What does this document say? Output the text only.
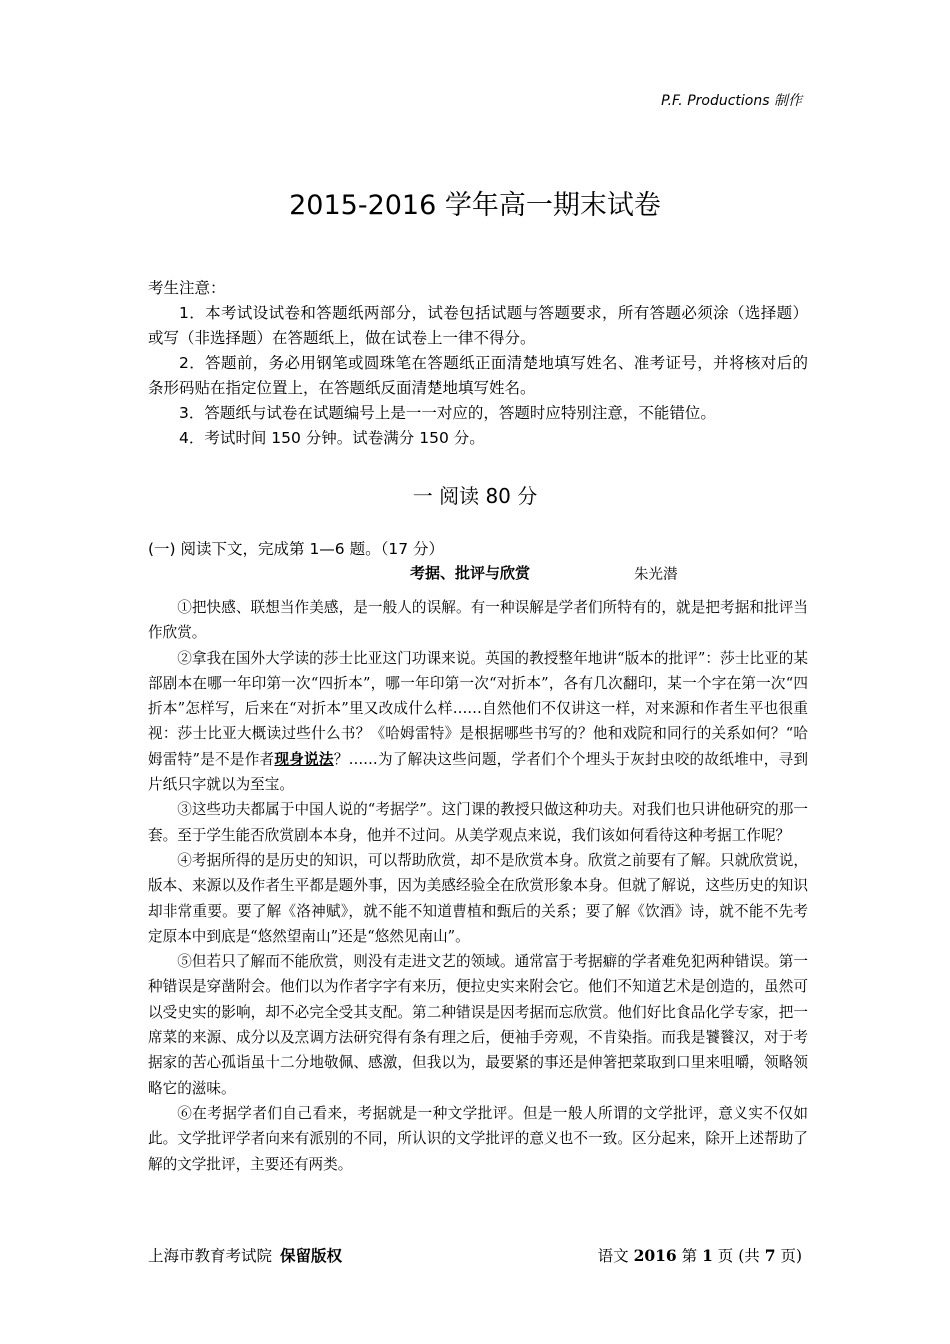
P.F. Productions 制作
2015-2016 学年高一期末试卷

考生注意：

1．本考试设试卷和答题纸两部分，试卷包括试题与答题要求，所有答题必须涂（选择题）或写（非选择题）在答题纸上，做在试卷上一律不得分。

2．答题前，务必用钢笔或圆珠笔在答题纸正面清楚地填写姓名、准考证号，并将核对后的条形码贴在指定位置上，在答题纸反面清楚地填写姓名。

3．答题纸与试卷在试题编号上是一一对应的，答题时应特别注意，不能错位。

4．考试时间 150 分钟。试卷满分 150 分。

一 阅读 80 分
(一) 阅读下文，完成第 1—6 题。（17 分）
考据、批评与欣赏	朱光潜

①把快感、联想当作美感，是一般人的误解。有一种误解是学者们所特有的，就是把考据和批评当作欣赏。

②拿我在国外大学读的莎士比亚这门功课来说。英国的教授整年地讲“版本的批评”：莎士比亚的某部剧本在哪一年印第一次“四折本”，哪一年印第一次“对折本”，各有几次翻印，某一个字在第一次“四折本”怎样写，后来在“对折本”里又改成什么样……自然他们不仅讲这一样，对来源和作者生平也很重视：莎士比亚大概读过些什么书？《哈姆雷特》是根据哪些书写的？他和戏院和同行的关系如何？“哈姆雷特”是不是作者现身说法？……为了解决这些问题，学者们个个埋头于灰封虫咬的故纸堆中，寻到片纸只字就以为至宝。

③这些功夫都属于中国人说的“考据学”。这门课的教授只做这种功夫。对我们也只讲他研究的那一套。至于学生能否欣赏剧本本身，他并不过问。从美学观点来说，我们该如何看待这种考据工作呢？

④考据所得的是历史的知识，可以帮助欣赏，却不是欣赏本身。欣赏之前要有了解。只就欣赏说，版本、来源以及作者生平都是题外事，因为美感经验全在欣赏形象本身。但就了解说，这些历史的知识却非常重要。要了解《洛神赋》，就不能不知道曹植和甄后的关系；要了解《饮酒》诗，就不能不先考定原本中到底是“悠然望南山”还是“悠然见南山”。

⑤但若只了解而不能欣赏，则没有走进文艺的领域。通常富于考据癖的学者难免犯两种错误。第一种错误是穿凿附会。他们以为作者字字有来历，便拉史实来附会它。他们不知道艺术是创造的，虽然可以受史实的影响，却不必完全受其支配。第二种错误是因考据而忘欣赏。他们好比食品化学专家，把一席菜的来源、成分以及烹调方法研究得有条有理之后，便袖手旁观，不肯染指。而我是饕餮汉，对于考据家的苦心孤诣虽十二分地敬佩、感激，但我以为，最要紧的事还是伸箸把菜取到口里来咀嚼，领略领略它的滋味。

⑥在考据学者们自己看来，考据就是一种文学批评。但是一般人所谓的文学批评，意义实不仅如此。文学批评学者向来有派别的不同，所认识的文学批评的意义也不一致。区分起来，除开上述帮助了解的文学批评，主要还有两类。

上海市教育考试院 保留版权	语文 2016 第 1 页 (共 7 页)
